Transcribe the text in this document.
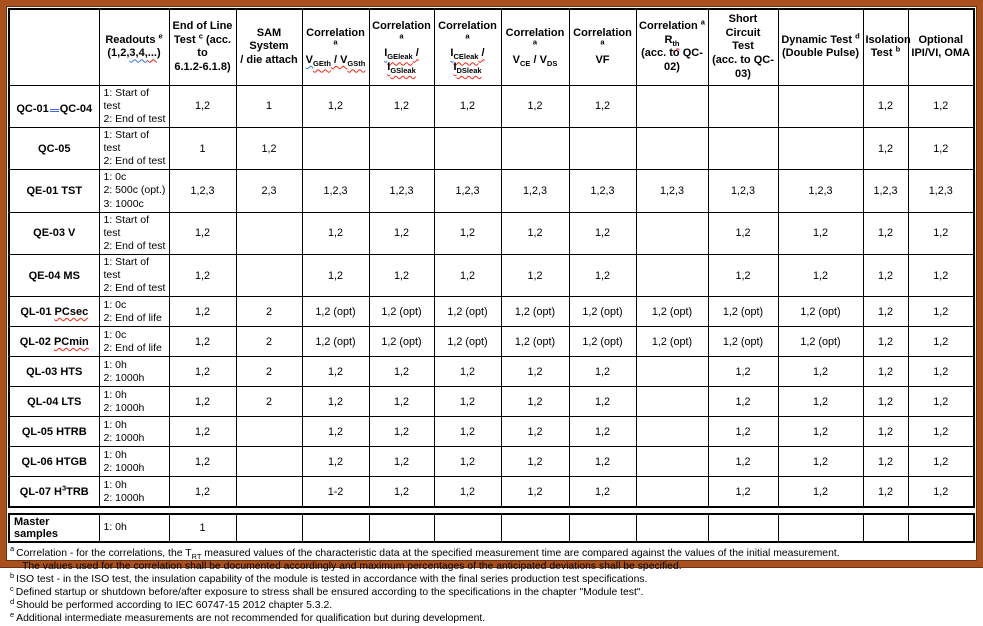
	Readouts $^e$
(1,2,3,4,...)	End of Line
Test $^c$ (acc. to
6.1.2-6.1.8)	SAM System
/ die attach	Correlation $^a$
$V_{GEth} / V_{GSth}$	Correlation $^a$
$I_{GEleak} / I_{GSleak}$	Correlation $^a$
$I_{CEleak} / I_{DSleak}$	Correlation $^a$
$V_{CE} / V_{DS}$	Correlation $^a$
VF	Correlation $^a$
$R_{th}$
(acc. to QC-02)	Short Circuit
Test
(acc. to QC-03)	Dynamic Test $^d$
(Double Pulse)	Isolation
Test $^b$	Optional
IPI/VI, OMA
QC-01 QC-04	1: Start of test
2: End of test	1,2	1	1,2	1,2	1,2	1,2	1,2				1,2	1,2
QC-05	1: Start of test
2: End of test	1	1,2									1,2	1,2
QE-01 TST	1: 0c
2: 500c (opt.)
3: 1000c	1,2,3	2,3	1,2,3	1,2,3	1,2,3	1,2,3	1,2,3	1,2,3	1,2,3	1,2,3	1,2,3	1,2,3
QE-03 V	1: Start of test
2: End of test	1,2		1,2	1,2	1,2	1,2	1,2		1,2	1,2	1,2	1,2
QE-04 MS	1: Start of test
2: End of test	1,2		1,2	1,2	1,2	1,2	1,2		1,2	1,2	1,2	1,2
QL-01 PCsec	1: 0c
2: End of life	1,2	2	1,2 (opt)	1,2 (opt)	1,2 (opt)	1,2 (opt)	1,2 (opt)	1,2 (opt)	1,2 (opt)	1,2 (opt)	1,2	1,2
QL-02 PCmin	1: 0c
2: End of life	1,2	2	1,2 (opt)	1,2 (opt)	1,2 (opt)	1,2 (opt)	1,2 (opt)	1,2 (opt)	1,2 (opt)	1,2 (opt)	1,2	1,2
QL-03 HTS	1: 0h
2: 1000h	1,2	2	1,2	1,2	1,2	1,2	1,2		1,2	1,2	1,2	1,2
QL-04 LTS	1: 0h
2: 1000h	1,2	2	1,2	1,2	1,2	1,2	1,2		1,2	1,2	1,2	1,2
QL-05 HTRB	1: 0h
2: 1000h	1,2		1,2	1,2	1,2	1,2	1,2		1,2	1,2	1,2	1,2
QL-06 HTGB	1: 0h
2: 1000h	1,2		1,2	1,2	1,2	1,2	1,2		1,2	1,2	1,2	1,2
QL-07 $H^3TRB$	1: 0h
2: 1000h	1,2		1-2	1,2	1,2	1,2	1,2		1,2	1,2	1,2	1,2
Master samples	1: 0h	1											
$^a$ Correlation - for the correlations, the $T_{RT}$ measured values of the characteristic data at the specified measurement time are compared against the values of the initial measurement.
The values used for the correlation shall be documented accordingly and maximum percentages of the anticipated deviations shall be specified.
$^b$ ISO test - in the ISO test, the insulation capability of the module is tested in accordance with the final series production test specifications.
$^c$ Defined startup or shutdown before/after exposure to stress shall be ensured according to the specifications in the chapter "Module test".
$^d$ Should be performed according to IEC 60747-15 2012 chapter 5.3.2.
$^e$ Additional intermediate measurements are not recommended for qualification but during development.
